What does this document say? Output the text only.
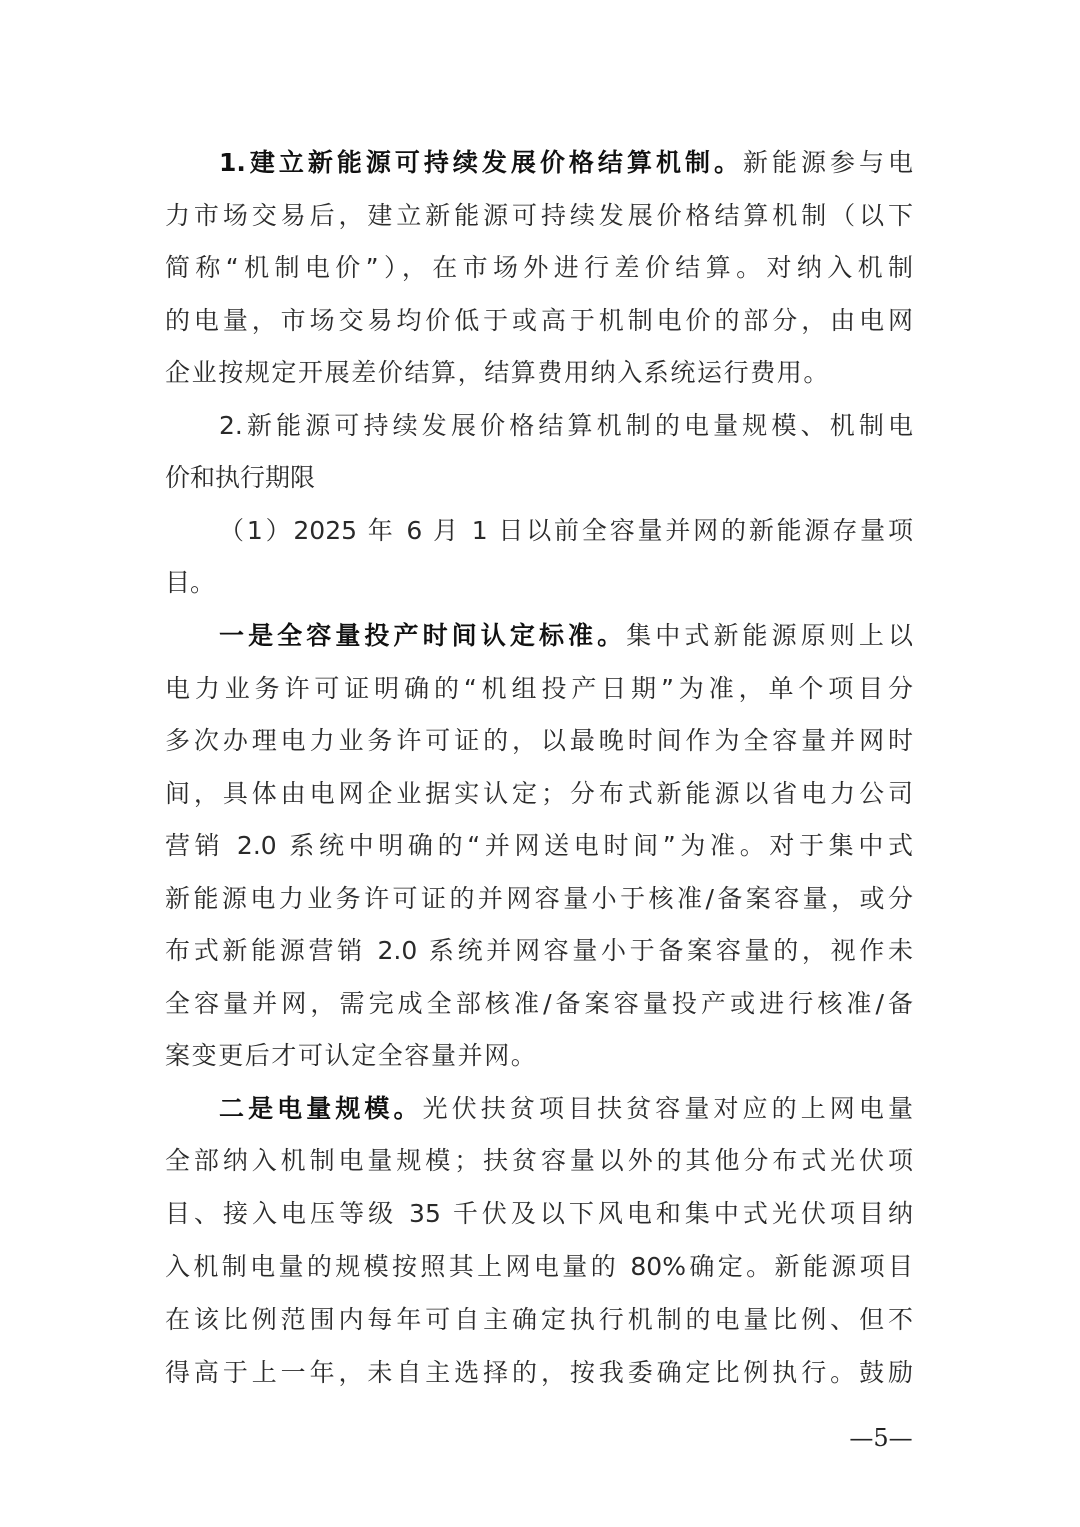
1.建立新能源可持续发展价格结算机制。新能源参与电
力市场交易后，建立新能源可持续发展价格结算机制（以下
简称“机制电价”），在市场外进行差价结算。对纳入机制
的电量，市场交易均价低于或高于机制电价的部分，由电网
企业按规定开展差价结算，结算费用纳入系统运行费用。
2.新能源可持续发展价格结算机制的电量规模、机制电
价和执行期限
（1）2025 年 6 月 1 日以前全容量并网的新能源存量项
目。
一是全容量投产时间认定标准。集中式新能源原则上以
电力业务许可证明确的“机组投产日期”为准，单个项目分
多次办理电力业务许可证的，以最晚时间作为全容量并网时
间，具体由电网企业据实认定；分布式新能源以省电力公司
营销 2.0 系统中明确的“并网送电时间”为准。对于集中式
新能源电力业务许可证的并网容量小于核准/备案容量，或分
布式新能源营销 2.0 系统并网容量小于备案容量的，视作未
全容量并网，需完成全部核准/备案容量投产或进行核准/备
案变更后才可认定全容量并网。
二是电量规模。光伏扶贫项目扶贫容量对应的上网电量
全部纳入机制电量规模；扶贫容量以外的其他分布式光伏项
目、接入电压等级 35 千伏及以下风电和集中式光伏项目纳
入机制电量的规模按照其上网电量的 80%确定。新能源项目
在该比例范围内每年可自主确定执行机制的电量比例、但不
得高于上一年，未自主选择的，按我委确定比例执行。鼓励
—5—
